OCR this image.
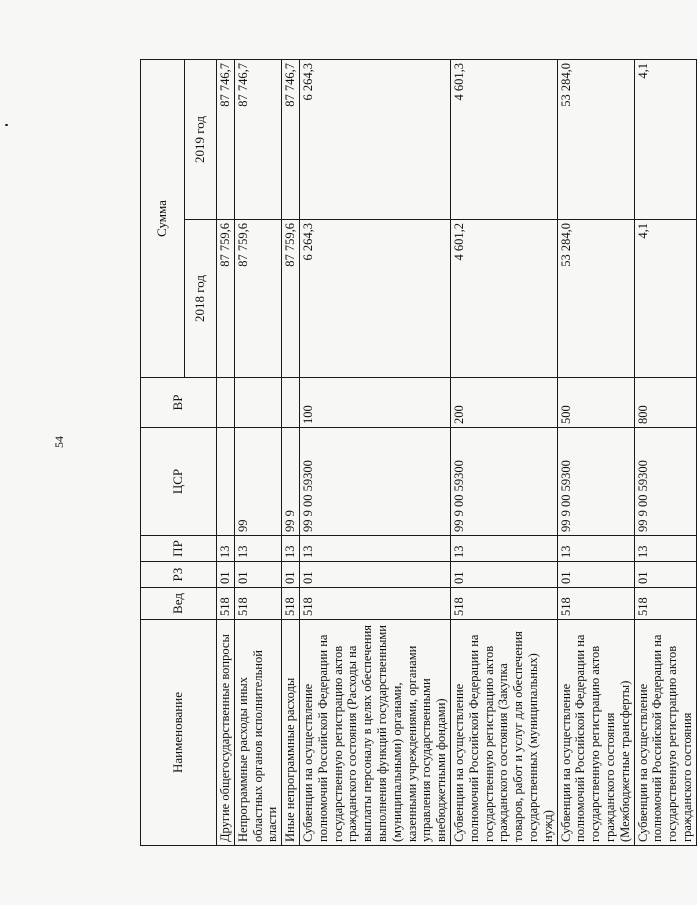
54
Наименование	Вед	РЗ	ПР	ЦСР	ВР	Сумма	
						2018 год	2019 год
Другие общегосударственные вопросы	518	01	13			87 759,6	87 746,7
Непрограммные расходы иных областных органов исполнительной власти	518	01	13	99		87 759,6	87 746,7
Иные непрограммные расходы	518	01	13	99 9		87 759,6	87 746,7
Субвенции на осуществление полномочий Российской Федерации на государственную регистрацию актов гражданского состояния (Расходы на выплаты персоналу в целях обеспечения выполнения функций государственными (муниципальными) органами, казенными учреждениями, органами управления государственными внебюджетными фондами)	518	01	13	99 9 00 59300	100	6 264,3	6 264,3
Субвенции на осуществление полномочий Российской Федерации на государственную регистрацию актов гражданского состояния (Закупка товаров, работ и услуг для обеспечения государственных (муниципальных) нужд)	518	01	13	99 9 00 59300	200	4 601,2	4 601,3
Субвенции на осуществление полномочий Российской Федерации на государственную регистрацию актов гражданского состояния (Межбюджетные трансферты)	518	01	13	99 9 00 59300	500	53 284,0	53 284,0
Субвенции на осуществление полномочий Российской Федерации на государственную регистрацию актов гражданского состояния	518	01	13	99 9 00 59300	800	4,1	4,1
